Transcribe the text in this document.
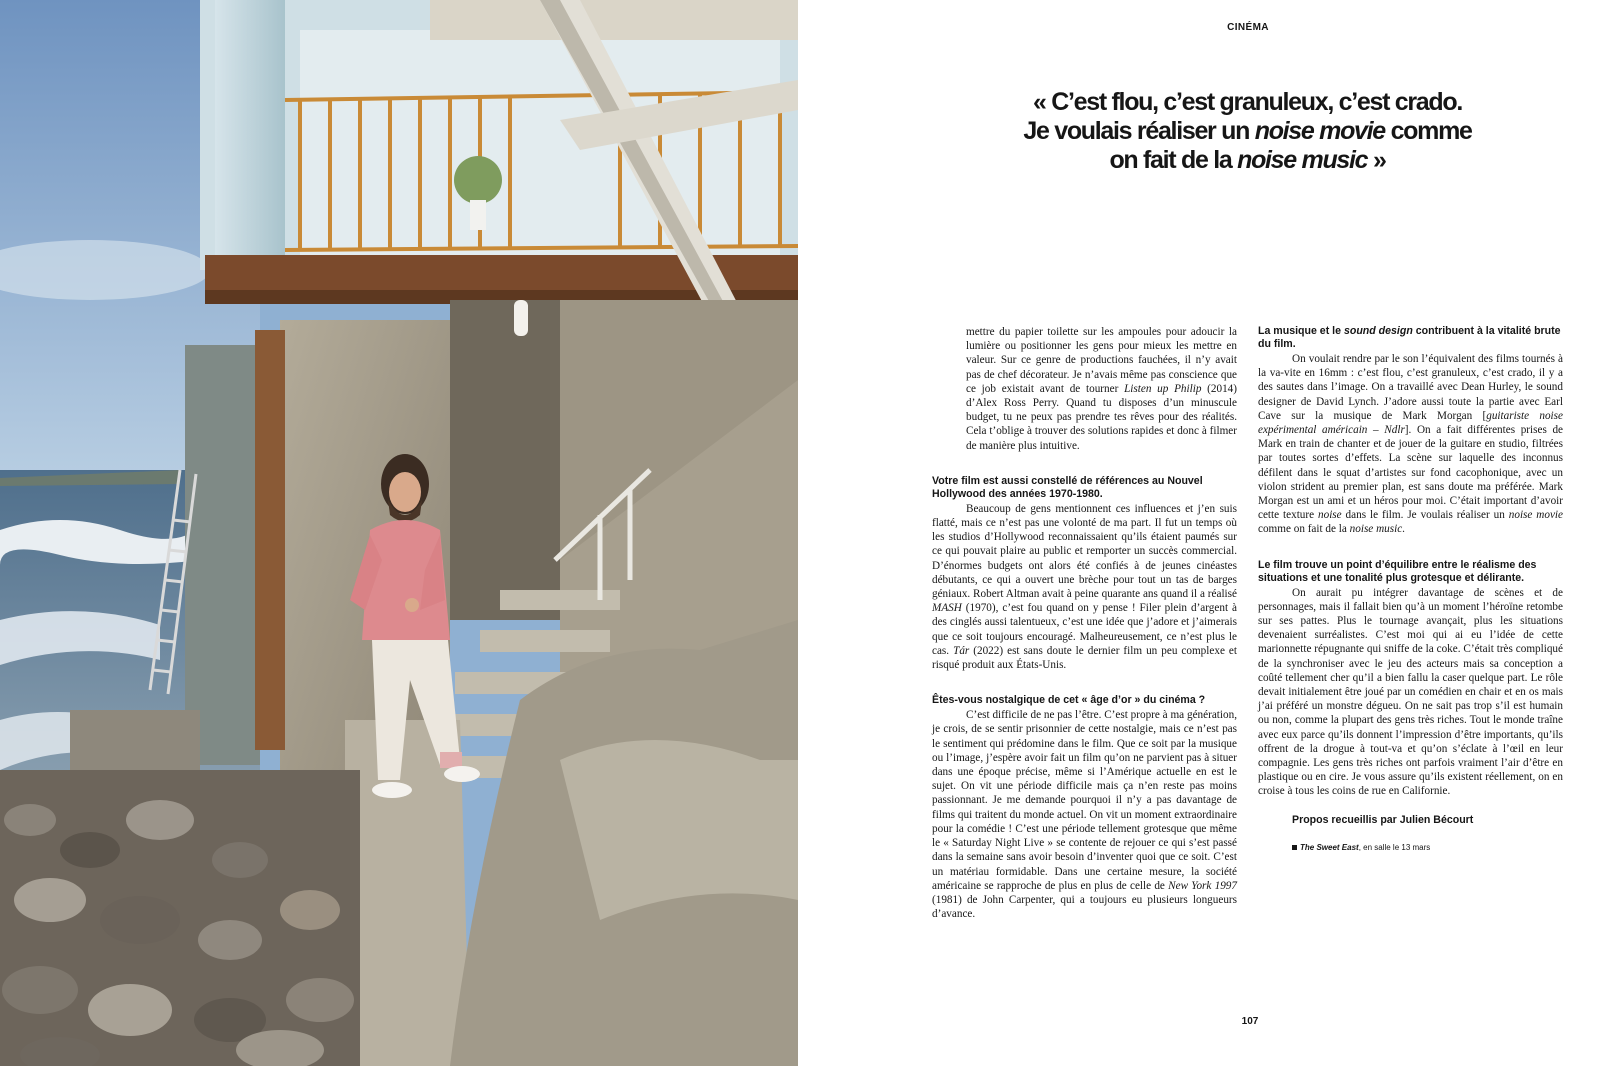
CINÉMA
« C’est flou, c’est granuleux, c’est crado.
Je voulais réaliser un noise movie comme
on fait de la noise music »

mettre du papier toilette sur les ampoules pour adoucir la lumière ou positionner les gens pour mieux les mettre en valeur. Sur ce genre de productions fauchées, il n’y avait pas de chef décorateur. Je n’avais même pas conscience que ce job existait avant de tourner Listen up Philip (2014) d’Alex Ross Perry. Quand tu disposes d’un minuscule budget, tu ne peux pas prendre tes rêves pour des réalités. Cela t’oblige à trouver des solutions rapides et donc à filmer de manière plus intuitive.

Votre film est aussi constellé de références au Nouvel Hollywood des années 1970-1980.

Beaucoup de gens mentionnent ces influences et j’en suis flatté, mais ce n’est pas une volonté de ma part. Il fut un temps où les studios d’Hollywood reconnaissaient qu’ils étaient paumés sur ce qui pouvait plaire au public et remporter un succès commercial. D’énormes budgets ont alors été confiés à de jeunes cinéastes débutants, ce qui a ouvert une brèche pour tout un tas de barges géniaux. Robert Altman avait à peine quarante ans quand il a réalisé MASH (1970), c’est fou quand on y pense ! Filer plein d’argent à des cinglés aussi talentueux, c’est une idée que j’adore et j’aimerais que ce soit toujours encouragé. Malheureusement, ce n’est plus le cas. Tár (2022) est sans doute le dernier film un peu complexe et risqué produit aux États-Unis.

Êtes-vous nostalgique de cet « âge d’or » du cinéma ?

C’est difficile de ne pas l’être. C’est propre à ma génération, je crois, de se sentir prisonnier de cette nostalgie, mais ce n’est pas le sentiment qui prédomine dans le film. Que ce soit par la musique ou l’image, j’espère avoir fait un film qu’on ne parvient pas à situer dans une époque précise, même si l’Amérique actuelle en est le sujet. On vit une période difficile mais ça n’en reste pas moins passionnant. Je me demande pourquoi il n’y a pas davantage de films qui traitent du monde actuel. On vit un moment extraordinaire pour la comédie ! C’est une période tellement grotesque que même le « Saturday Night Live » se contente de rejouer ce qui s’est passé dans la semaine sans avoir besoin d’inventer quoi que ce soit. C’est un matériau formidable. Dans une certaine mesure, la société américaine se rapproche de plus en plus de celle de New York 1997 (1981) de John Carpenter, qui a toujours eu plusieurs longueurs d’avance.

La musique et le sound design contribuent à la vitalité brute du film.

On voulait rendre par le son l’équivalent des films tournés à la va-vite en 16mm : c’est flou, c’est granuleux, c’est crado, il y a des sautes dans l’image. On a travaillé avec Dean Hurley, le sound designer de David Lynch. J’adore aussi toute la partie avec Earl Cave sur la musique de Mark Morgan [guitariste noise expérimental américain – Ndlr]. On a fait différentes prises de Mark en train de chanter et de jouer de la guitare en studio, filtrées par toutes sortes d’effets. La scène sur laquelle des inconnus défilent dans le squat d’artistes sur fond cacophonique, avec un violon strident au premier plan, est sans doute ma préférée. Mark Morgan est un ami et un héros pour moi. C’était important d’avoir cette texture noise dans le film. Je voulais réaliser un noise movie comme on fait de la noise music.

Le film trouve un point d’équilibre entre le réalisme des situations et une tonalité plus grotesque et délirante.

On aurait pu intégrer davantage de scènes et de personnages, mais il fallait bien qu’à un moment l’héroïne retombe sur ses pattes. Plus le tournage avançait, plus les situations devenaient surréalistes. C’est moi qui ai eu l’idée de cette marionnette répugnante qui sniffe de la coke. C’était très compliqué de la synchroniser avec le jeu des acteurs mais sa conception a coûté tellement cher qu’il a bien fallu la caser quelque part. Le rôle devait initialement être joué par un comédien en chair et en os mais j’ai préféré un monstre dégueu. On ne sait pas trop s’il est humain ou non, comme la plupart des gens très riches. Tout le monde traîne avec eux parce qu’ils donnent l’impression d’être importants, qu’ils offrent de la drogue à tout-va et qu’on s’éclate à l’œil en leur compagnie. Les gens très riches ont parfois vraiment l’air d’être en plastique ou en cire. Je vous assure qu’ils existent réellement, on en croise à tous les coins de rue en Californie.

Propos recueillis par Julien Bécourt
The Sweet East, en salle le 13 mars
107
